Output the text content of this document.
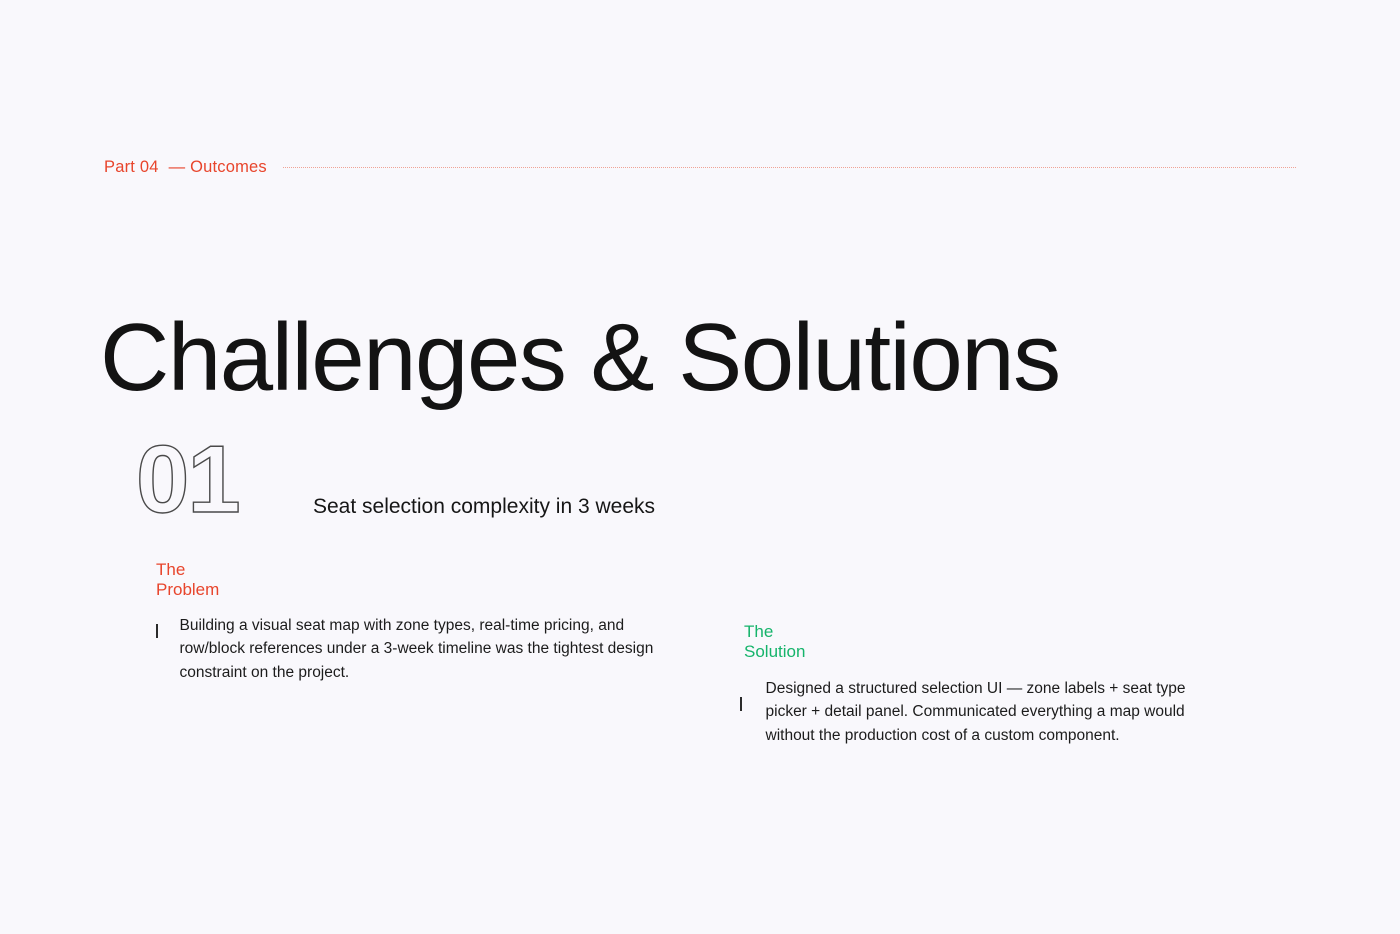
Part 04 — Outcomes
Challenges & Solutions
01	Seat selection complexity in 3 weeks
The Problem

Building a visual seat map with zone types, real-time pricing, and row/block references under a 3-week timeline was the tightest design constraint on the project.

The Solution

Designed a structured selection UI — zone labels + seat type picker + detail panel. Communicated everything a map would without the production cost of a custom component.
